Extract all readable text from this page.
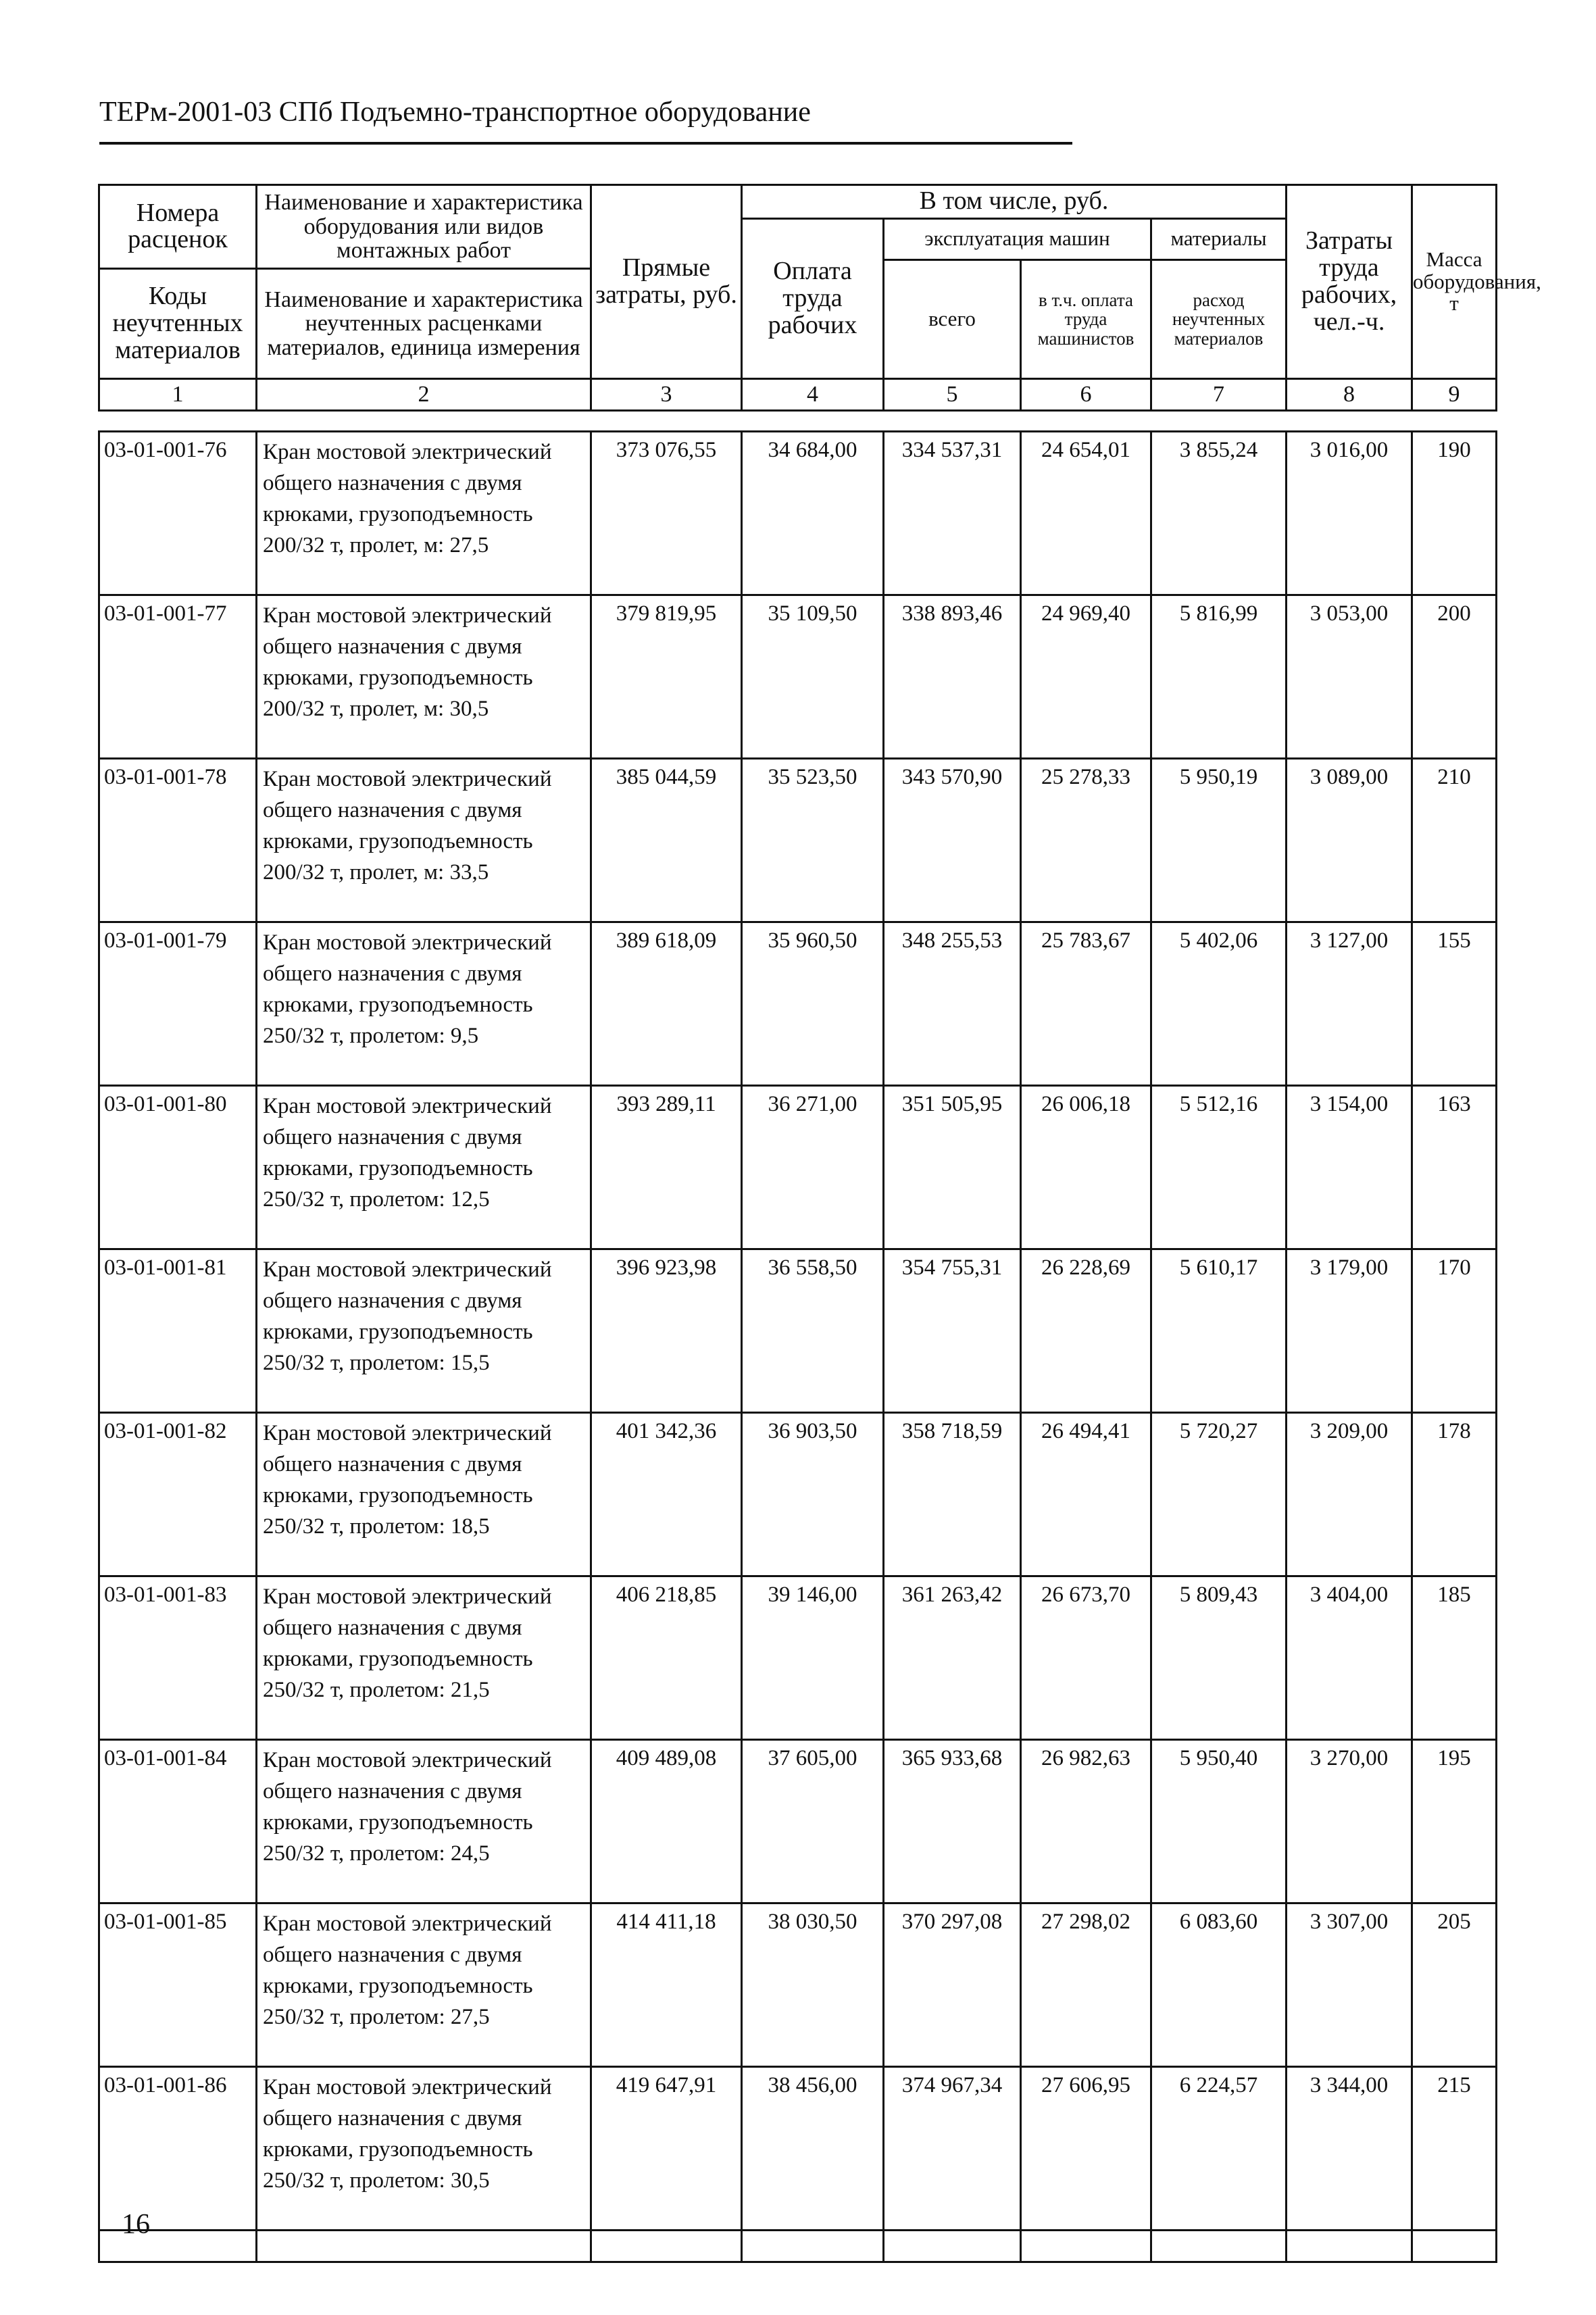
ТЕРм-2001-03 СПб Подъемно-транспортное оборудование
Номера расценок	Наименование и характеристика оборудования или видов монтажных работ	Прямые затраты, руб.	В том числе, руб.				Затраты труда рабочих, чел.-ч.	Масса оборудования, т
			Оплата труда рабочих	эксплуатация машин		материалы		
				всего	в т.ч. оплата труда машинистов	расход неучтенных материалов		
Коды неучтенных материалов	Наименование и характеристика неучтенных расценками материалов, единица измерения							

1	2	3	4	5	6	7	8	9
03-01-001-76	Кран мостовой электрический общего назначения с двумя крюками, грузоподъемность 200/32 т, пролет, м: 27,5	373 076,55	34 684,00	334 537,31	24 654,01	3 855,24	3 016,00	190
03-01-001-77	Кран мостовой электрический общего назначения с двумя крюками, грузоподъемность 200/32 т, пролет, м: 30,5	379 819,95	35 109,50	338 893,46	24 969,40	5 816,99	3 053,00	200
03-01-001-78	Кран мостовой электрический общего назначения с двумя крюками, грузоподъемность 200/32 т, пролет, м: 33,5	385 044,59	35 523,50	343 570,90	25 278,33	5 950,19	3 089,00	210
03-01-001-79	Кран мостовой электрический общего назначения с двумя крюками, грузоподъемность 250/32 т, пролетом: 9,5	389 618,09	35 960,50	348 255,53	25 783,67	5 402,06	3 127,00	155
03-01-001-80	Кран мостовой электрический общего назначения с двумя крюками, грузоподъемность 250/32 т, пролетом: 12,5	393 289,11	36 271,00	351 505,95	26 006,18	5 512,16	3 154,00	163
03-01-001-81	Кран мостовой электрический общего назначения с двумя крюками, грузоподъемность 250/32 т, пролетом: 15,5	396 923,98	36 558,50	354 755,31	26 228,69	5 610,17	3 179,00	170
03-01-001-82	Кран мостовой электрический общего назначения с двумя крюками, грузоподъемность 250/32 т, пролетом: 18,5	401 342,36	36 903,50	358 718,59	26 494,41	5 720,27	3 209,00	178
03-01-001-83	Кран мостовой электрический общего назначения с двумя крюками, грузоподъемность 250/32 т, пролетом: 21,5	406 218,85	39 146,00	361 263,42	26 673,70	5 809,43	3 404,00	185
03-01-001-84	Кран мостовой электрический общего назначения с двумя крюками, грузоподъемность 250/32 т, пролетом: 24,5	409 489,08	37 605,00	365 933,68	26 982,63	5 950,40	3 270,00	195
03-01-001-85	Кран мостовой электрический общего назначения с двумя крюками, грузоподъемность 250/32 т, пролетом: 27,5	414 411,18	38 030,50	370 297,08	27 298,02	6 083,60	3 307,00	205
03-01-001-86	Кран мостовой электрический общего назначения с двумя крюками, грузоподъемность 250/32 т, пролетом: 30,5	419 647,91	38 456,00	374 967,34	27 606,95	6 224,57	3 344,00	215

16
